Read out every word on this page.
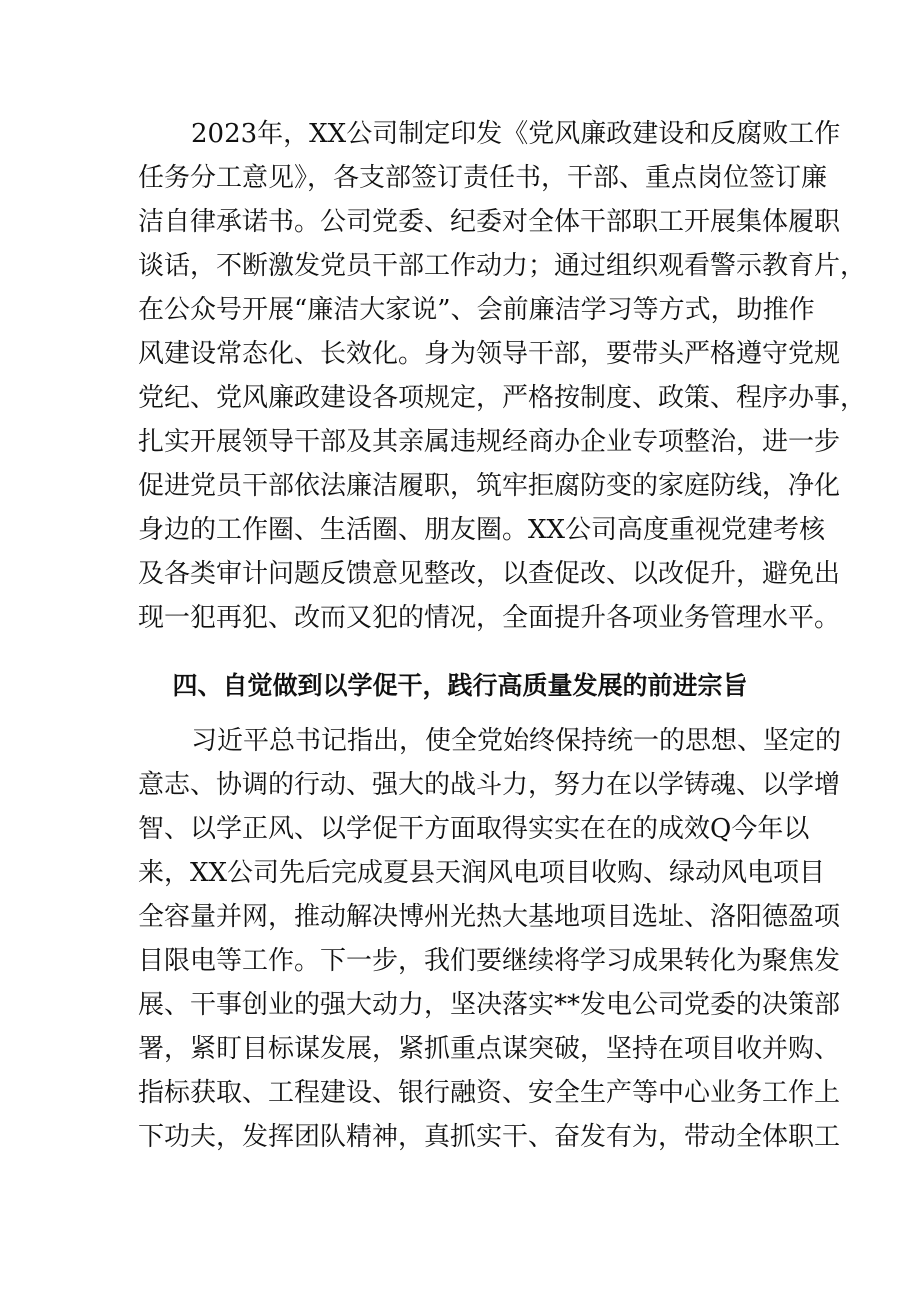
2023年，XX公司制定印发《党风廉政建设和反腐败工作
任务分工意见》，各支部签订责任书，干部、重点岗位签订廉
洁自律承诺书。公司党委、纪委对全体干部职工开展集体履职
谈话，不断激发党员干部工作动力；通过组织观看警示教育片，
在公众号开展“廉洁大家说”、会前廉洁学习等方式，助推作
风建设常态化、长效化。身为领导干部，要带头严格遵守党规
党纪、党风廉政建设各项规定，严格按制度、政策、程序办事，
扎实开展领导干部及其亲属违规经商办企业专项整治，进一步
促进党员干部依法廉洁履职，筑牢拒腐防变的家庭防线，净化
身边的工作圈、生活圈、朋友圈。XX公司高度重视党建考核
及各类审计问题反馈意见整改，以查促改、以改促升，避免出
现一犯再犯、改而又犯的情况，全面提升各项业务管理水平。
四、自觉做到以学促干，践行高质量发展的前进宗旨
习近平总书记指出，使全党始终保持统一的思想、坚定的
意志、协调的行动、强大的战斗力，努力在以学铸魂、以学增
智、以学正风、以学促干方面取得实实在在的成效Q今年以
来，XX公司先后完成夏县天润风电项目收购、绿动风电项目
全容量并网，推动解决博州光热大基地项目选址、洛阳德盈项
目限电等工作。下一步，我们要继续将学习成果转化为聚焦发
展、干事创业的强大动力，坚决落实**发电公司党委的决策部
署，紧盯目标谋发展，紧抓重点谋突破，坚持在项目收并购、
指标获取、工程建设、银行融资、安全生产等中心业务工作上
下功夫，发挥团队精神，真抓实干、奋发有为，带动全体职工
